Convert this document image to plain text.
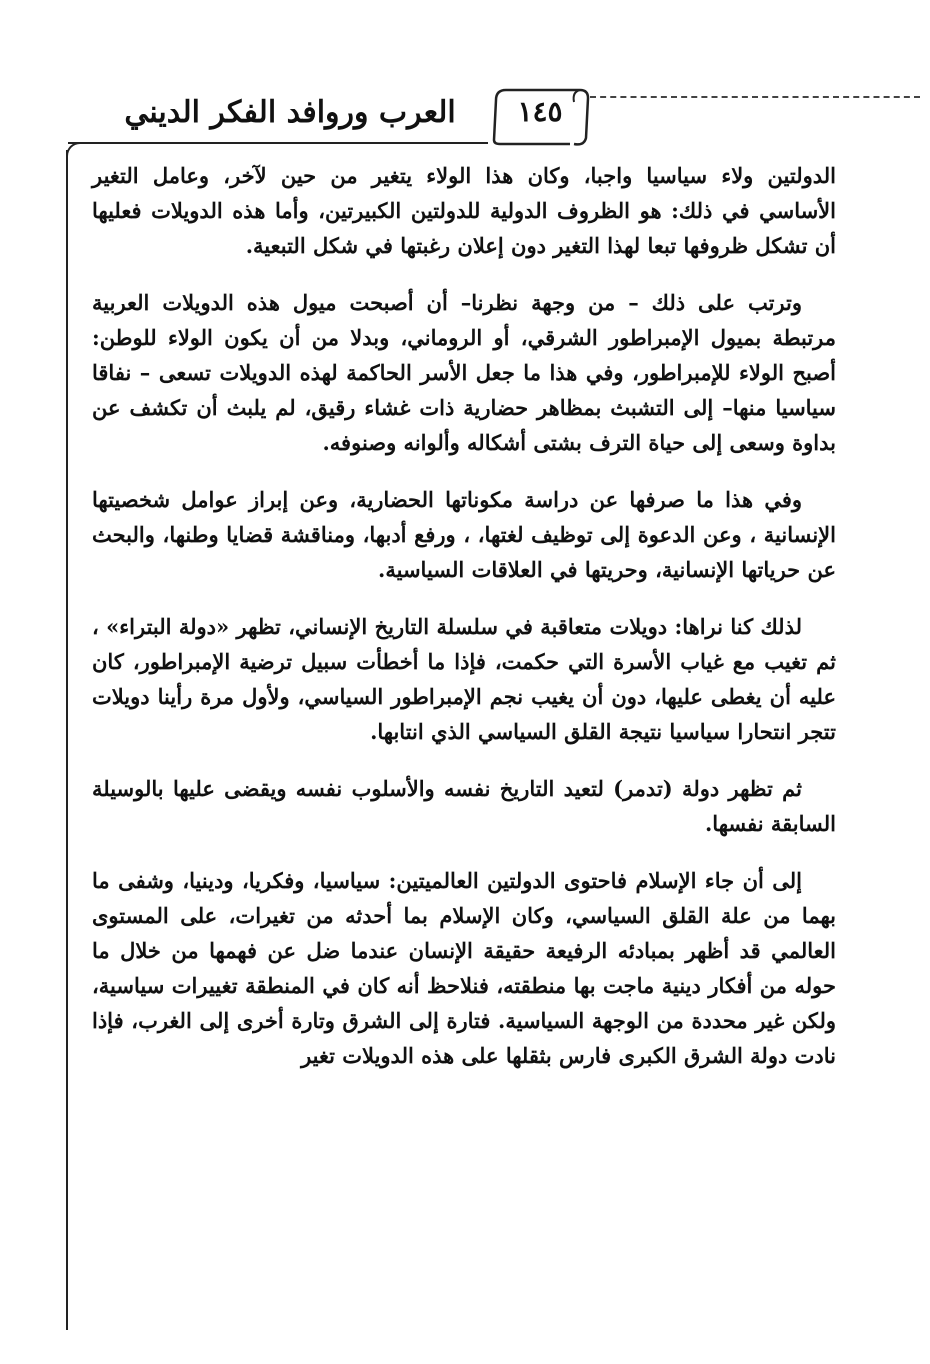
١٤٥
العرب وروافد الفكر الديني

الدولتين ولاء سياسيا واجبا، وكان هذا الولاء يتغير من حين لآخر، وعامل التغير الأساسي في ذلك: هو الظروف الدولية للدولتين الكبيرتين، وأما هذه الدويلات فعليها أن تشكل ظروفها تبعا لهذا التغير دون إعلان رغبتها في شكل التبعية.

وترتب على ذلك – من وجهة نظرنا– أن أصبحت ميول هذه الدويلات العربية مرتبطة بميول الإمبراطور الشرقي، أو الروماني، وبدلا من أن يكون الولاء للوطن: أصبح الولاء للإمبراطور، وفي هذا ما جعل الأسر الحاكمة لهذه الدويلات تسعى – نفاقا سياسيا منها– إلى التشبث بمظاهر حضارية ذات غشاء رقيق، لم يلبث أن تكشف عن بداوة وسعى إلى حياة الترف بشتى أشكاله وألوانه وصنوفه.

وفي هذا ما صرفها عن دراسة مكوناتها الحضارية، وعن إبراز عوامل شخصيتها الإنسانية ، وعن الدعوة إلى توظيف لغتها، ، ورفع أدبها، ومناقشة قضايا وطنها، والبحث عن حرياتها الإنسانية، وحريتها في العلاقات السياسية.

لذلك كنا نراها: دويلات متعاقبة في سلسلة التاريخ الإنساني، تظهر «دولة البتراء» ، ثم تغيب مع غياب الأسرة التي حكمت، فإذا ما أخطأت سبيل ترضية الإمبراطور، كان عليه أن يغطى عليها، دون أن يغيب نجم الإمبراطور السياسي، ولأول مرة رأينا دويلات تتجر انتحارا سياسيا نتيجة القلق السياسي الذي انتابها.

ثم تظهر دولة (تدمر) لتعيد التاريخ نفسه والأسلوب نفسه ويقضى عليها بالوسيلة السابقة نفسها.

إلى أن جاء الإسلام فاحتوى الدولتين العالميتين: سياسيا، وفكريا، ودينيا، وشفى ما بهما من علة القلق السياسي، وكان الإسلام بما أحدثه من تغيرات، على المستوى العالمي قد أظهر بمبادئه الرفيعة حقيقة الإنسان عندما ضل عن فهمها من خلال ما حوله من أفكار دينية ماجت بها منطقته، فنلاحظ أنه كان في المنطقة تغييرات سياسية، ولكن غير محددة من الوجهة السياسية. فتارة إلى الشرق وتارة أخرى إلى الغرب، فإذا نادت دولة الشرق الكبرى فارس بثقلها على هذه الدويلات تغير
